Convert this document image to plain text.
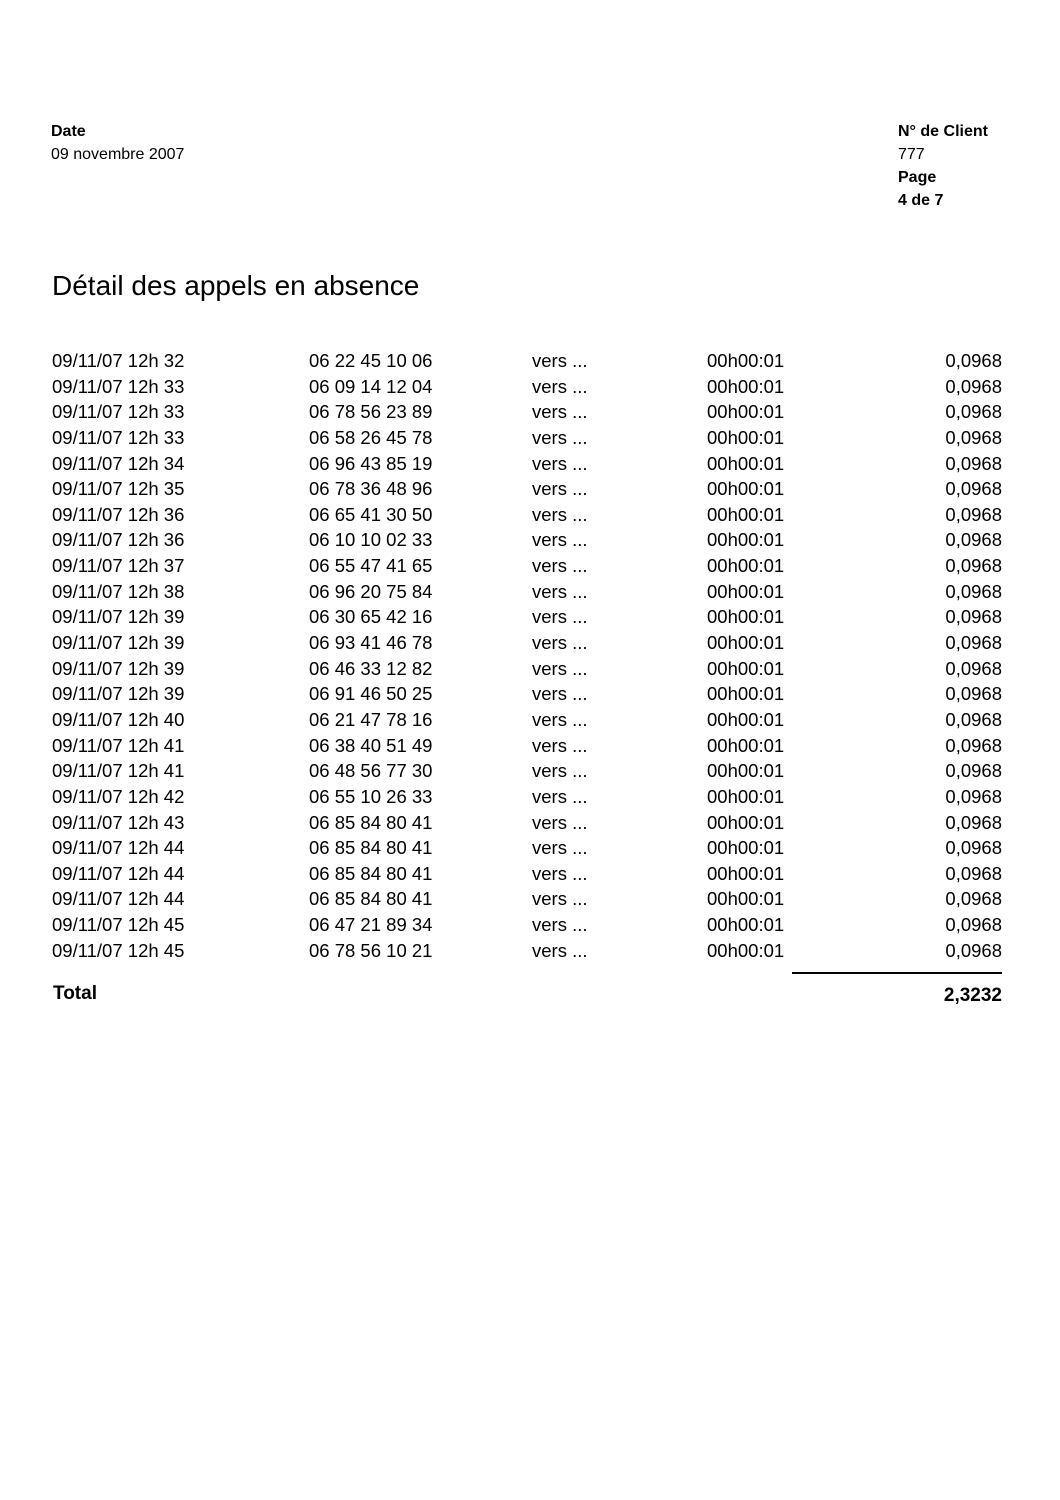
Date
09 novembre 2007
N° de Client
777
Page
4 de 7
Détail des appels en absence
09/11/07 12h 32	06 22 45 10 06	vers ...	00h00:01	0,0968
09/11/07 12h 33	06 09 14 12 04	vers ...	00h00:01	0,0968
09/11/07 12h 33	06 78 56 23 89	vers ...	00h00:01	0,0968
09/11/07 12h 33	06 58 26 45 78	vers ...	00h00:01	0,0968
09/11/07 12h 34	06 96 43 85 19	vers ...	00h00:01	0,0968
09/11/07 12h 35	06 78 36 48 96	vers ...	00h00:01	0,0968
09/11/07 12h 36	06 65 41 30 50	vers ...	00h00:01	0,0968
09/11/07 12h 36	06 10 10 02 33	vers ...	00h00:01	0,0968
09/11/07 12h 37	06 55 47 41 65	vers ...	00h00:01	0,0968
09/11/07 12h 38	06 96 20 75 84	vers ...	00h00:01	0,0968
09/11/07 12h 39	06 30 65 42 16	vers ...	00h00:01	0,0968
09/11/07 12h 39	06 93 41 46 78	vers ...	00h00:01	0,0968
09/11/07 12h 39	06 46 33 12 82	vers ...	00h00:01	0,0968
09/11/07 12h 39	06 91 46 50 25	vers ...	00h00:01	0,0968
09/11/07 12h 40	06 21 47 78 16	vers ...	00h00:01	0,0968
09/11/07 12h 41	06 38 40 51 49	vers ...	00h00:01	0,0968
09/11/07 12h 41	06 48 56 77 30	vers ...	00h00:01	0,0968
09/11/07 12h 42	06 55 10 26 33	vers ...	00h00:01	0,0968
09/11/07 12h 43	06 85 84 80 41	vers ...	00h00:01	0,0968
09/11/07 12h 44	06 85 84 80 41	vers ...	00h00:01	0,0968
09/11/07 12h 44	06 85 84 80 41	vers ...	00h00:01	0,0968
09/11/07 12h 44	06 85 84 80 41	vers ...	00h00:01	0,0968
09/11/07 12h 45	06 47 21 89 34	vers ...	00h00:01	0,0968
09/11/07 12h 45	06 78 56 10 21	vers ...	00h00:01	0,0968
Total	2,3232
